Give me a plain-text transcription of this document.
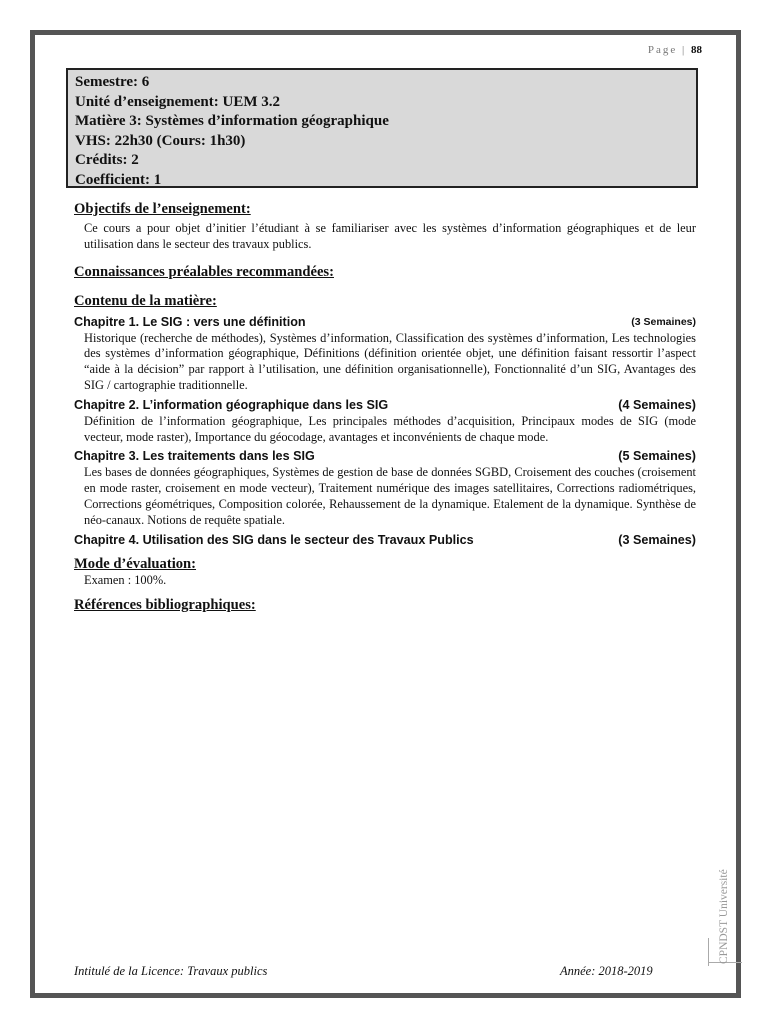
Page | 88
Semestre: 6
Unité d’enseignement: UEM 3.2
Matière 3: Systèmes d’information géographique
VHS: 22h30 (Cours: 1h30)
Crédits: 2
Coefficient: 1

Objectifs de l’enseignement:

Ce cours a pour objet d’initier l’étudiant à se familiariser avec les systèmes d’information géographiques et de leur utilisation dans le secteur des travaux publics.

Connaissances préalables recommandées:

Contenu de la matière:

Chapitre 1. Le SIG : vers une définition	(3 Semaines)

Historique (recherche de méthodes), Systèmes d’information, Classification des systèmes d’information, Les technologies des systèmes d’information géographique, Définitions (définition orientée objet, une définition faisant ressortir l’aspect “aide à la décision” par rapport à l’utilisation, une définition organisationnelle), Fonctionnalité d’un SIG, Avantages des SIG / cartographie traditionnelle.

Chapitre 2. L’information géographique dans les SIG	(4 Semaines)

Définition de l’information géographique, Les principales méthodes d’acquisition, Principaux modes de SIG (mode vecteur, mode raster), Importance du géocodage, avantages et inconvénients de chaque mode.

Chapitre 3. Les traitements dans les SIG	(5 Semaines)

Les bases de données géographiques, Systèmes de gestion de base de données SGBD, Croisement des couches (croisement en mode raster, croisement en mode vecteur), Traitement numérique des images satellitaires, Corrections radiométriques, Corrections géométriques, Composition colorée, Rehaussement de la dynamique. Etalement de la dynamique. Synthèse de néo-canaux. Notions de requête spatiale.

Chapitre 4. Utilisation des SIG dans le secteur des Travaux Publics	(3 Semaines)

Mode d’évaluation:

Examen : 100%.

Références bibliographiques:

CPNDST Université
Intitulé de la Licence: Travaux publics	Année: 2018-2019
